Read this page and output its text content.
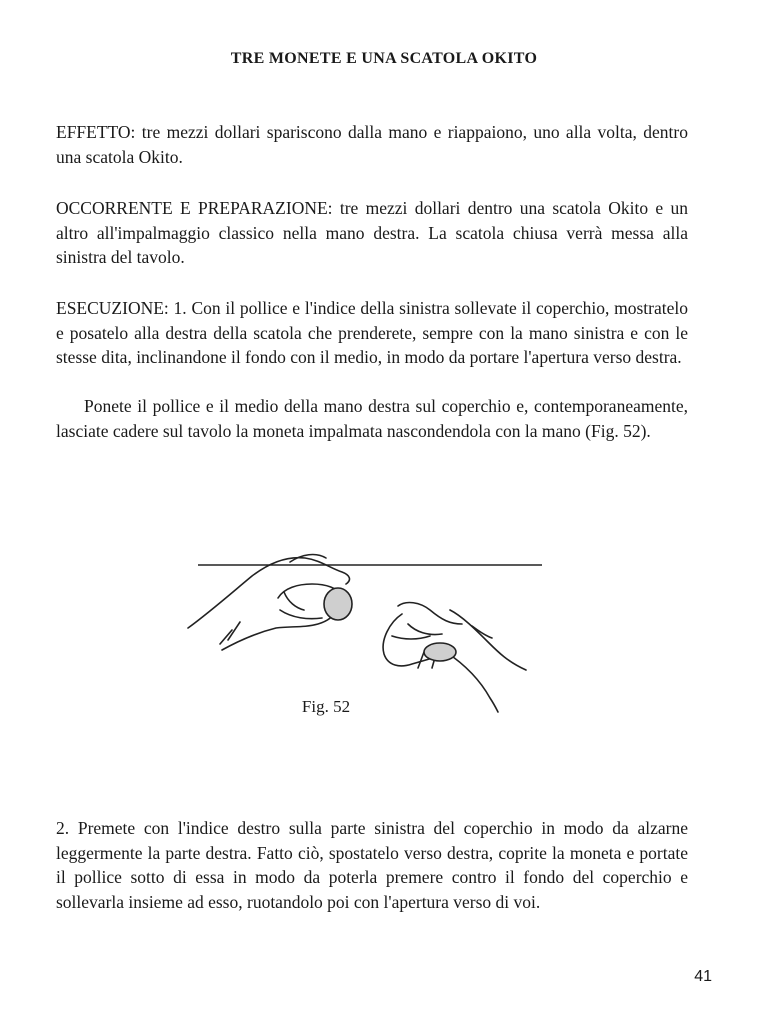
TRE MONETE E UNA SCATOLA OKITO

EFFETTO: tre mezzi dollari spariscono dalla mano e riappaiono, uno alla volta, dentro una scatola Okito.

OCCORRENTE E PREPARAZIONE: tre mezzi dollari dentro una scatola Okito e un altro all'impalmaggio classico nella mano destra. La scatola chiusa verrà messa alla sinistra del tavolo.

ESECUZIONE: 1. Con il pollice e l'indice della sinistra sollevate il coperchio, mostratelo e posatelo alla destra della scatola che prenderete, sempre con la mano sinistra e con le stesse dita, inclinandone il fondo con il medio, in modo da portare l'apertura verso destra.

Ponete il pollice e il medio della mano destra sul coperchio e, contemporaneamente, lasciate cadere sul tavolo la moneta impalmata nascondendola con la mano (Fig. 52).

Fig. 52

2. Premete con l'indice destro sulla parte sinistra del coperchio in modo da alzarne leggermente la parte destra. Fatto ciò, spostatelo verso destra, coprite la moneta e portate il pollice sotto di essa in modo da poterla premere contro il fondo del coperchio e sollevarla insieme ad esso, ruotandolo poi con l'apertura verso di voi.

41
